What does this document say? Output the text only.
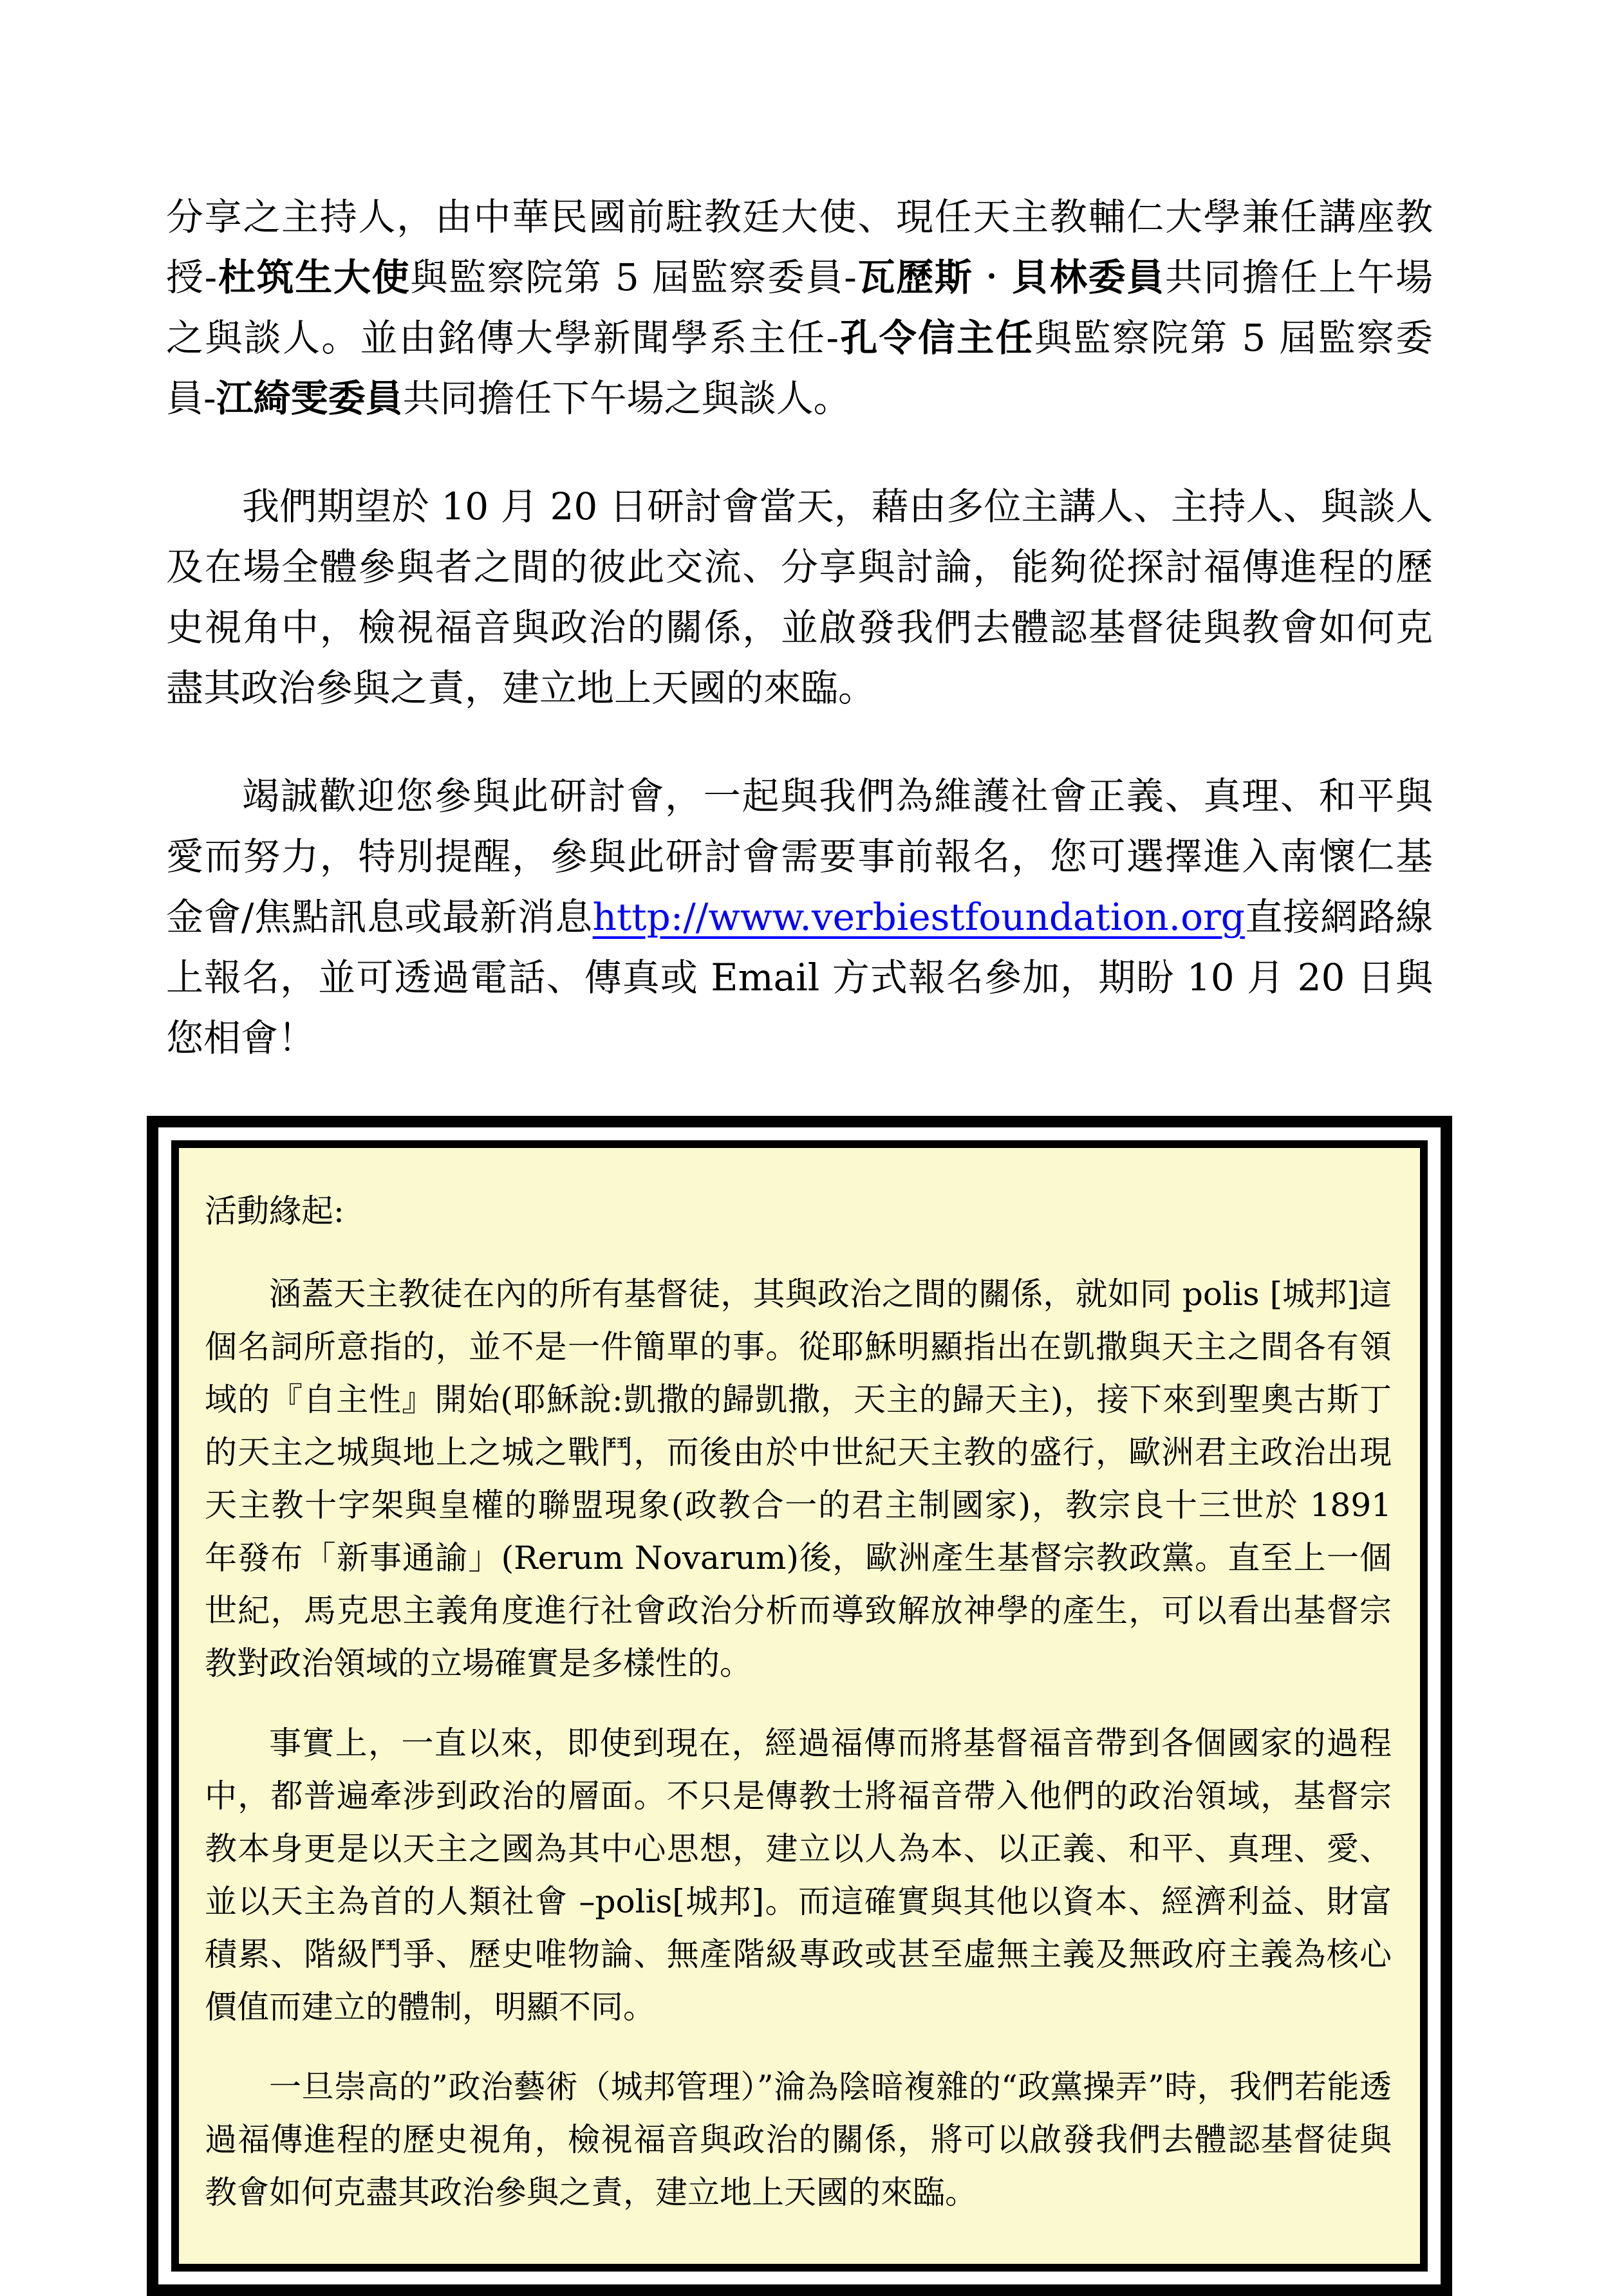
分享之主持人，由中華民國前駐教廷大使、現任天主教輔仁大學兼任講座教授-杜筑生大使與監察院第 5 屆監察委員-瓦歷斯‧貝林委員共同擔任上午場之與談人。並由銘傳大學新聞學系主任-孔令信主任與監察院第 5 屆監察委員-江綺雯委員共同擔任下午場之與談人。

我們期望於 10 月 20 日研討會當天，藉由多位主講人、主持人、與談人及在場全體參與者之間的彼此交流、分享與討論，能夠從探討福傳進程的歷史視角中，檢視福音與政治的關係，並啟發我們去體認基督徒與教會如何克盡其政治參與之責，建立地上天國的來臨。

竭誠歡迎您參與此研討會，一起與我們為維護社會正義、真理、和平與愛而努力，特別提醒，參與此研討會需要事前報名，您可選擇進入南懷仁基金會/焦點訊息或最新消息http://www.verbiestfoundation.org直接網路線上報名，並可透過電話、傳真或 Email 方式報名參加，期盼 10 月 20 日與您相會！

活動緣起:

涵蓋天主教徒在內的所有基督徒，其與政治之間的關係，就如同 polis [城邦]這個名詞所意指的，並不是一件簡單的事。從耶穌明顯指出在凱撒與天主之間各有領域的『自主性』開始(耶穌說:凱撒的歸凱撒，天主的歸天主)，接下來到聖奧古斯丁的天主之城與地上之城之戰鬥，而後由於中世紀天主教的盛行，歐洲君主政治出現天主教十字架與皇權的聯盟現象(政教合一的君主制國家)，教宗良十三世於 1891 年發布「新事通諭」(Rerum Novarum)後，歐洲產生基督宗教政黨。直至上一個世紀，馬克思主義角度進行社會政治分析而導致解放神學的產生，可以看出基督宗教對政治領域的立場確實是多樣性的。

事實上，一直以來，即使到現在，經過福傳而將基督福音帶到各個國家的過程中，都普遍牽涉到政治的層面。不只是傳教士將福音帶入他們的政治領域，基督宗教本身更是以天主之國為其中心思想，建立以人為本、以正義、和平、真理、愛、並以天主為首的人類社會 –polis[城邦]。而這確實與其他以資本、經濟利益、財富積累、階級鬥爭、歷史唯物論、無產階級專政或甚至虛無主義及無政府主義為核心價值而建立的體制，明顯不同。

一旦崇高的”政治藝術（城邦管理）”淪為陰暗複雜的“政黨操弄”時，我們若能透過福傳進程的歷史視角，檢視福音與政治的關係，將可以啟發我們去體認基督徒與教會如何克盡其政治參與之責，建立地上天國的來臨。
